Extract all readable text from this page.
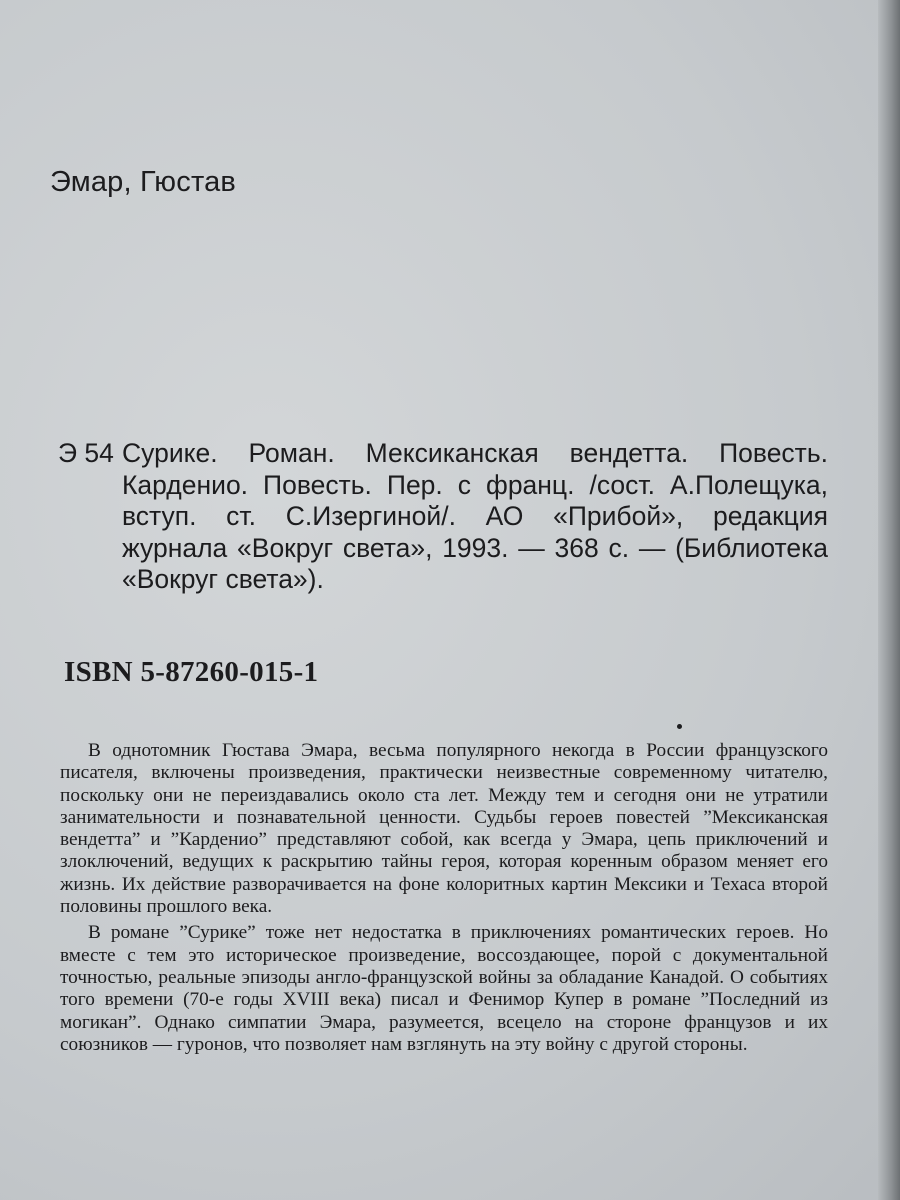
Эмар, Гюстав
Э 54 Сурике. Роман. Мексиканская вендетта. Повесть. Карденио. Повесть. Пер. с франц. /сост. А.Полещука, вступ. ст. С.Изергиной/. АО «Прибой», редакция журнала «Вокруг света», 1993. — 368 с. — (Библиотека «Вокруг света»).
ISBN 5-87260-015-1

В однотомник Гюстава Эмара, весьма популярного некогда в России французского писателя, включены произведения, практически неизвестные современному читателю, поскольку они не переиздавались около ста лет. Между тем и сегодня они не утратили занимательности и познавательной ценности. Судьбы героев повестей ”Мексиканская вендетта” и ”Карденио” представляют собой, как всегда у Эмара, цепь приключений и злоключений, ведущих к раскрытию тайны героя, которая коренным образом меняет его жизнь. Их действие разворачивается на фоне колоритных картин Мексики и Техаса второй половины прошлого века.

В романе ”Сурике” тоже нет недостатка в приключениях романтических героев. Но вместе с тем это историческое произведение, воссоздающее, порой с документальной точностью, реальные эпизоды англо-французской войны за обладание Канадой. О событиях того времени (70-е годы XVIII века) писал и Фенимор Купер в романе ”Последний из могикан”. Однако симпатии Эмара, разумеется, всецело на стороне французов и их союзников — гуронов, что позволяет нам взглянуть на эту войну с другой стороны.
